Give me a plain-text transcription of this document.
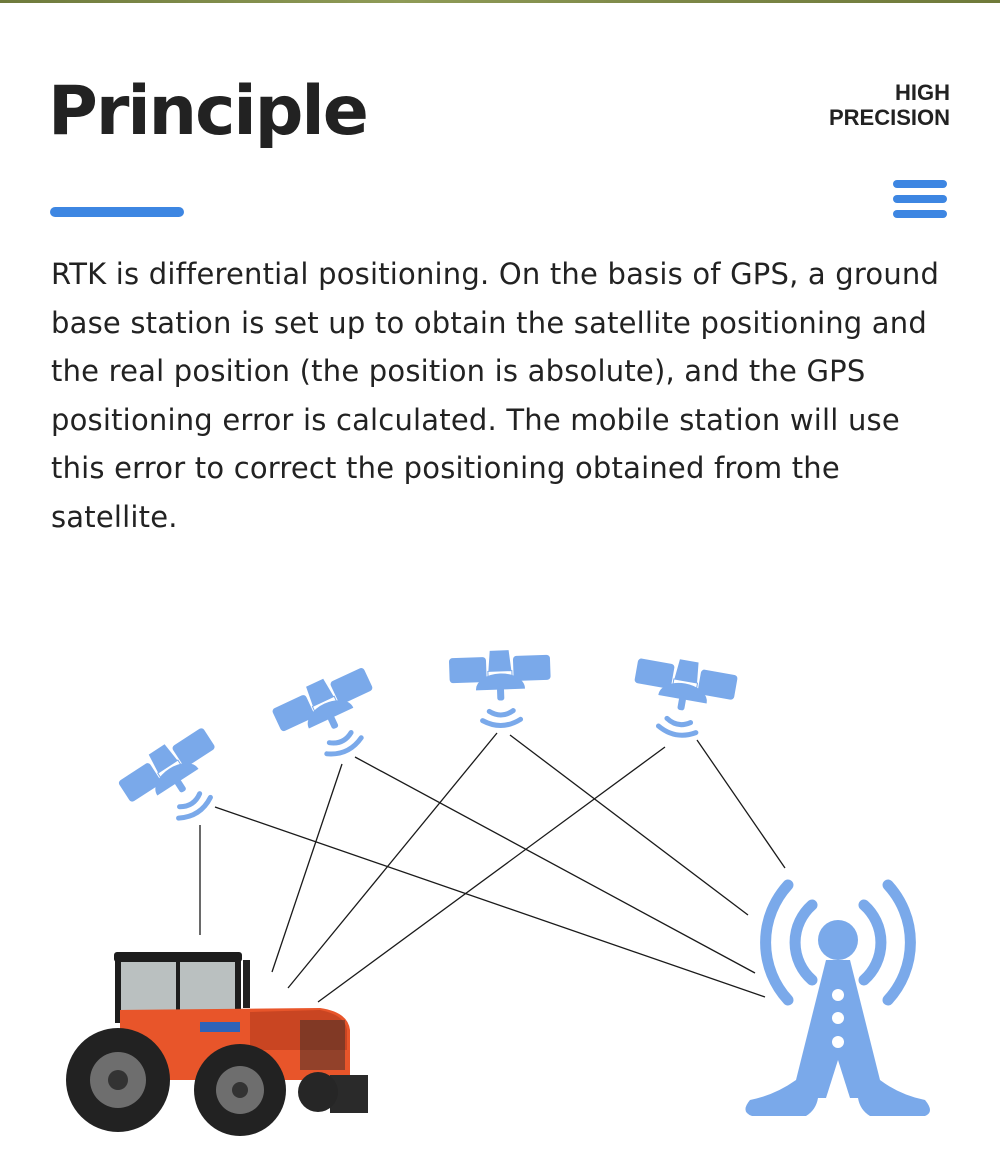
Principle	HIGH
PRECISION

RTK is differential positioning. On the basis of GPS, a ground base station is set up to obtain the satellite positioning and the real position (the position is absolute), and the GPS positioning error is calculated. The mobile station will use this error to correct the positioning obtained from the satellite.
